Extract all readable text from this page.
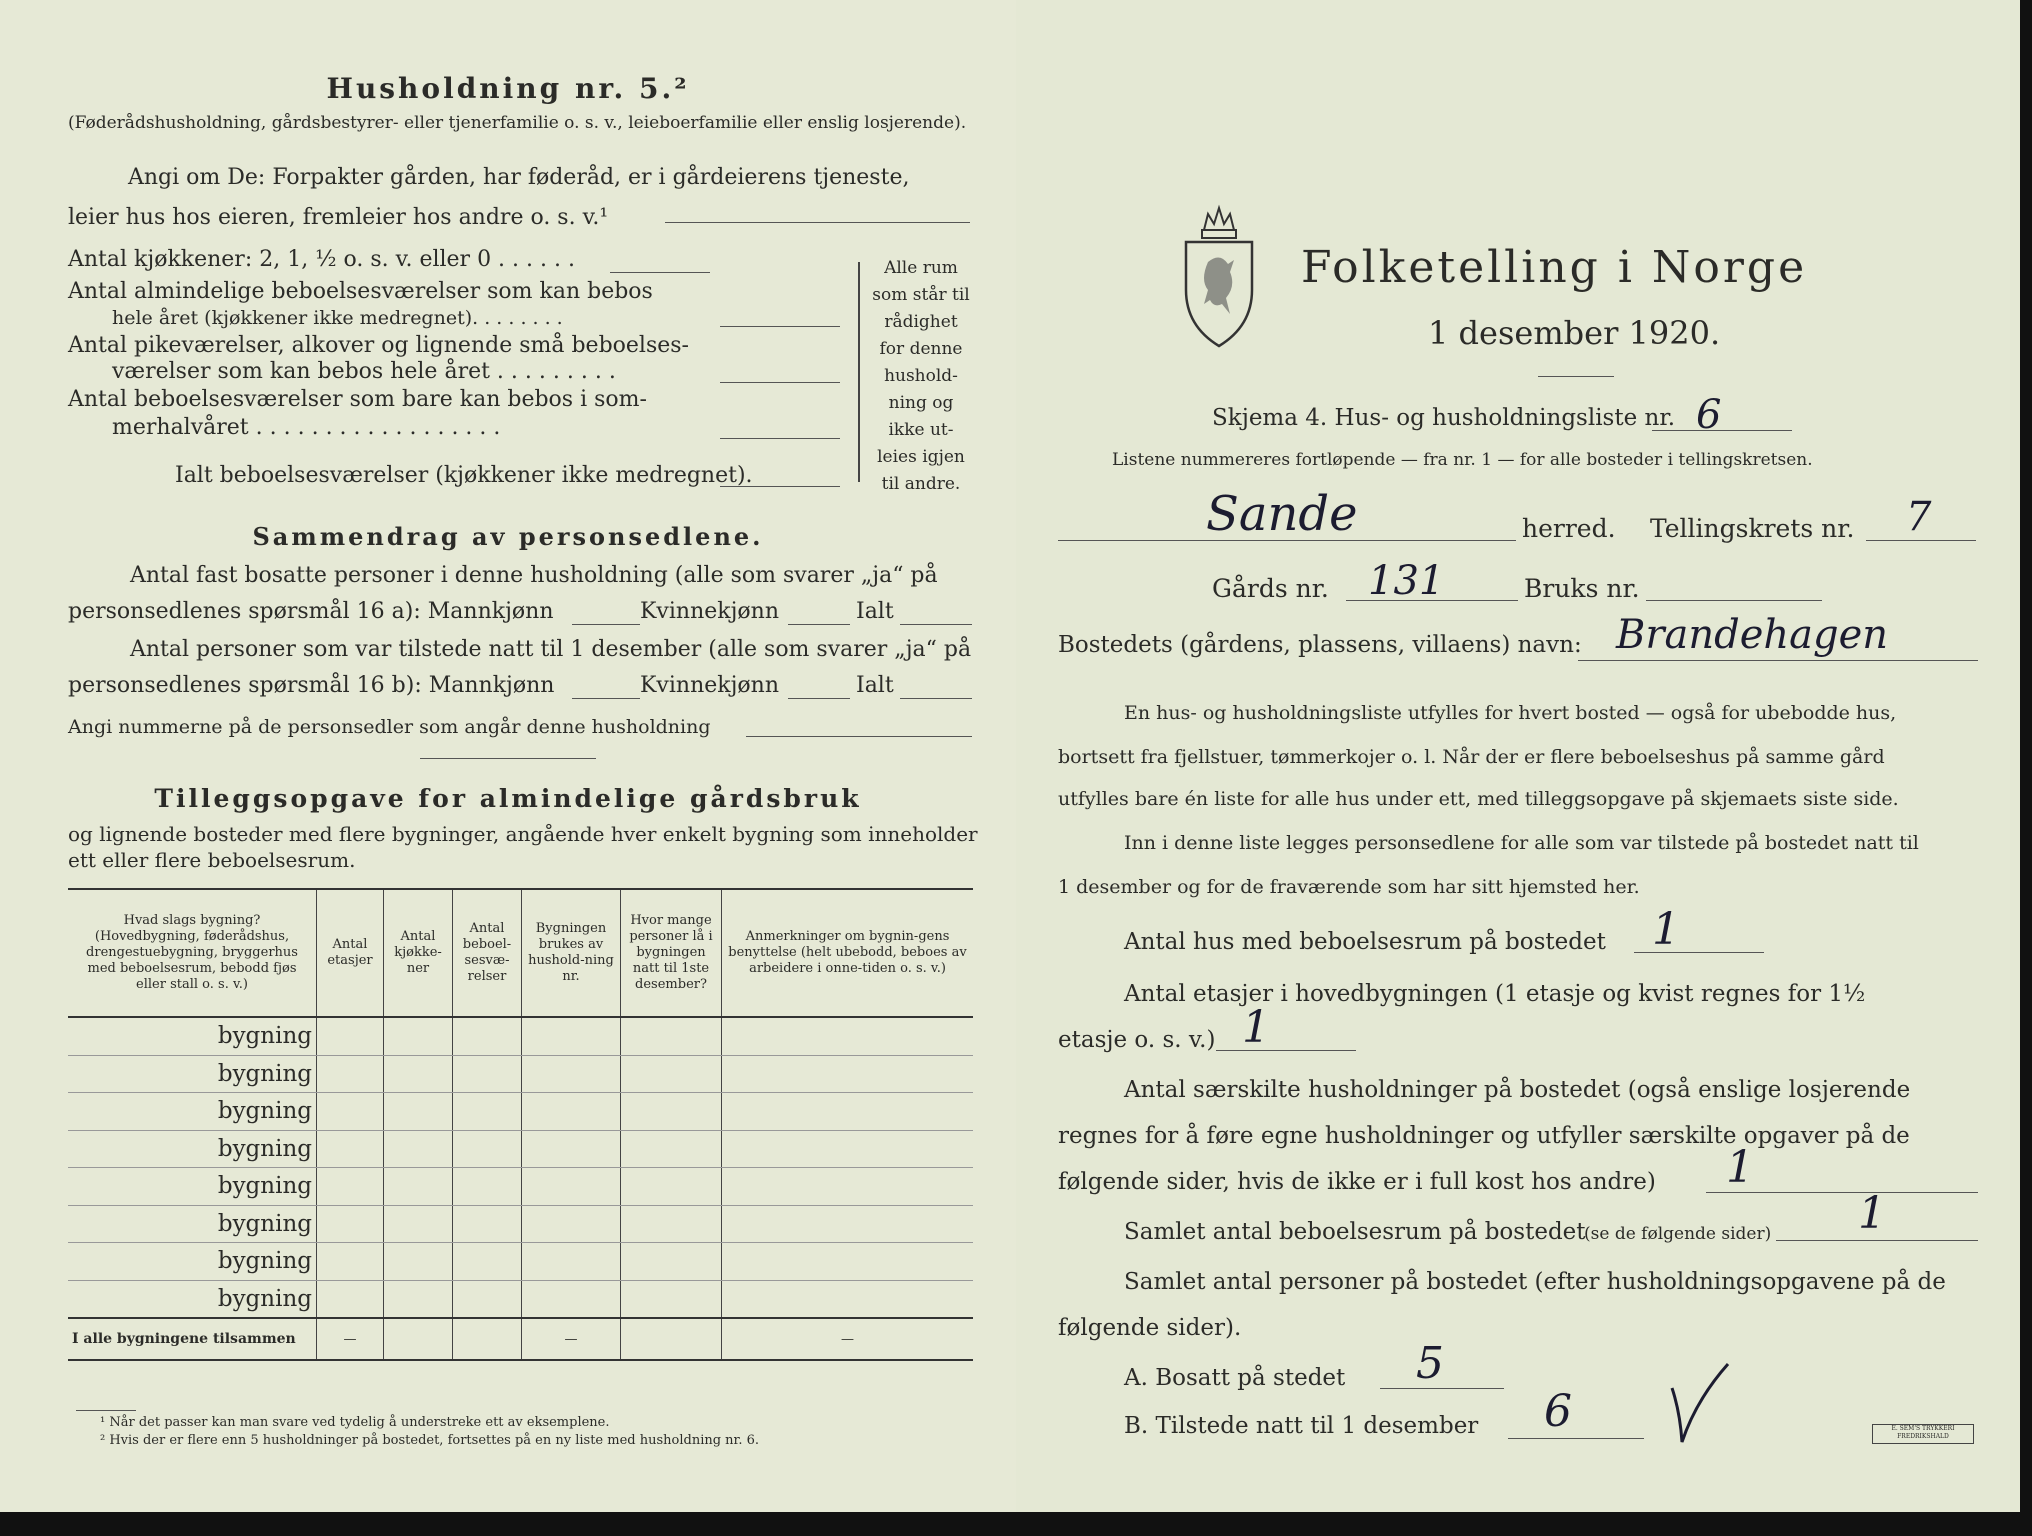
Husholdning nr. 5.²
(Føderådshusholdning, gårdsbestyrer- eller tjenerfamilie o. s. v., leieboerfamilie eller enslig losjerende).
Angi om De: Forpakter gården, har føderåd, er i gårdeierens tjeneste,
leier hus hos eieren, fremleier hos andre o. s. v.¹
Antal kjøkkener: 2, 1, ½ o. s. v. eller 0 . . . . . .
Antal almindelige beboelsesværelser som kan bebos
hele året (kjøkkener ikke medregnet). . . . . . . .
Antal pikeværelser, alkover og lignende små beboelses-
værelser som kan bebos hele året . . . . . . . . .
Antal beboelsesværelser som bare kan bebos i som-
merhalvåret . . . . . . . . . . . . . . . . . .
Ialt beboelsesværelser (kjøkkener ikke medregnet).
Alle rum
som står til
rådighet
for denne
hushold-
ning og
ikke ut-
leies igjen
til andre.
Sammendrag av personsedlene.
Antal fast bosatte personer i denne husholdning (alle som svarer „ja“ på
personsedlenes spørsmål 16 a): Mannkjønn	Kvinnekjønn	Ialt
Antal personer som var tilstede natt til 1 desember (alle som svarer „ja“ på
personsedlenes spørsmål 16 b): Mannkjønn	Kvinnekjønn	Ialt
Angi nummerne på de personsedler som angår denne husholdning
Tilleggsopgave for almindelige gårdsbruk
og lignende bosteder med flere bygninger, angående hver enkelt bygning som inneholder
ett eller flere beboelsesrum.
Hvad slags bygning? (Hovedbygning, føderådshus, drengestuebygning, bryggerhus med beboelsesrum, bebodd fjøs eller stall o. s. v.)	Antal etasjer	Antal kjøkke-ner	Antal beboel-sesvæ-relser	Bygningen brukes av hushold-ning nr.	Hvor mange personer lå i bygningen natt til 1ste desember?	Anmerkninger om bygnin-gens benyttelse (helt ubebodd, beboes av arbeidere i onne-tiden o. s. v.)
bygning						
bygning						
bygning						
bygning						
bygning						
bygning						
bygning						
bygning						
I alle bygningene tilsammen	—			—		—
¹ Når det passer kan man svare ved tydelig å understreke ett av eksemplene.
² Hvis der er flere enn 5 husholdninger på bostedet, fortsettes på en ny liste med husholdning nr. 6.
Folketelling i Norge
1 desember 1920.
Skjema 4. Hus- og husholdningsliste nr. 6
Listene nummereres fortløpende — fra nr. 1 — for alle bosteder i tellingskretsen.
Sande	herred. Tellingskrets nr. 7
Gårds nr. 131	Bruks nr.
Bostedets (gårdens, plassens, villaens) navn: Brandehagen
En hus- og husholdningsliste utfylles for hvert bosted — også for ubebodde hus,
bortsett fra fjellstuer, tømmerkojer o. l. Når der er flere beboelseshus på samme gård
utfylles bare én liste for alle hus under ett, med tilleggsopgave på skjemaets siste side.
Inn i denne liste legges personsedlene for alle som var tilstede på bostedet natt til
1 desember og for de fraværende som har sitt hjemsted her.
Antal hus med beboelsesrum på bostedet 1
Antal etasjer i hovedbygningen (1 etasje og kvist regnes for 1½
etasje o. s. v.) 1
Antal særskilte husholdninger på bostedet (også enslige losjerende
regnes for å føre egne husholdninger og utfyller særskilte opgaver på de
følgende sider, hvis de ikke er i full kost hos andre) 1
Samlet antal beboelsesrum på bostedet
(se de følgende sider) 1
Samlet antal personer på bostedet (efter husholdningsopgavene på de
følgende sider).
A. Bosatt på stedet 5
B. Tilstede natt til 1 desember 6	E. SEM'S TRYKKERI FREDRIKSHALD
